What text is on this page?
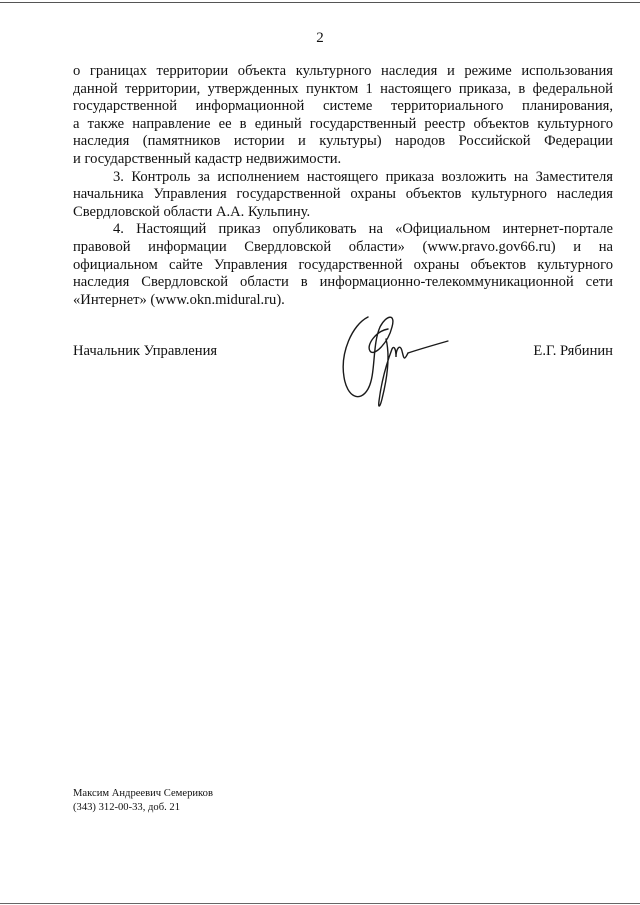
2

о границах территории объекта культурного наследия и режиме использования
данной территории, утвержденных пунктом 1 настоящего приказа, в федеральной
государственной информационной системе территориального планирования,
а также направление ее в единый государственный реестр объектов культурного
наследия (памятников истории и культуры) народов Российской Федерации

и государственный кадастр недвижимости.

3. Контроль за исполнением настоящего приказа возложить на Заместителя начальника Управления государственной охраны объектов культурного наследия Свердловской области А.А. Кульпину.

4. Настоящий приказ опубликовать на «Официальном интернет-портале правовой информации Свердловской области» (www.pravo.gov66.ru) и на официальном сайте Управления государственной охраны объектов культурного наследия Свердловской области в информационно-телекоммуникационной сети «Интернет» (www.okn.midural.ru).

Начальник Управления	Е.Г. Рябинин
Максим Андреевич Семериков
(343) 312-00-33, доб. 21
